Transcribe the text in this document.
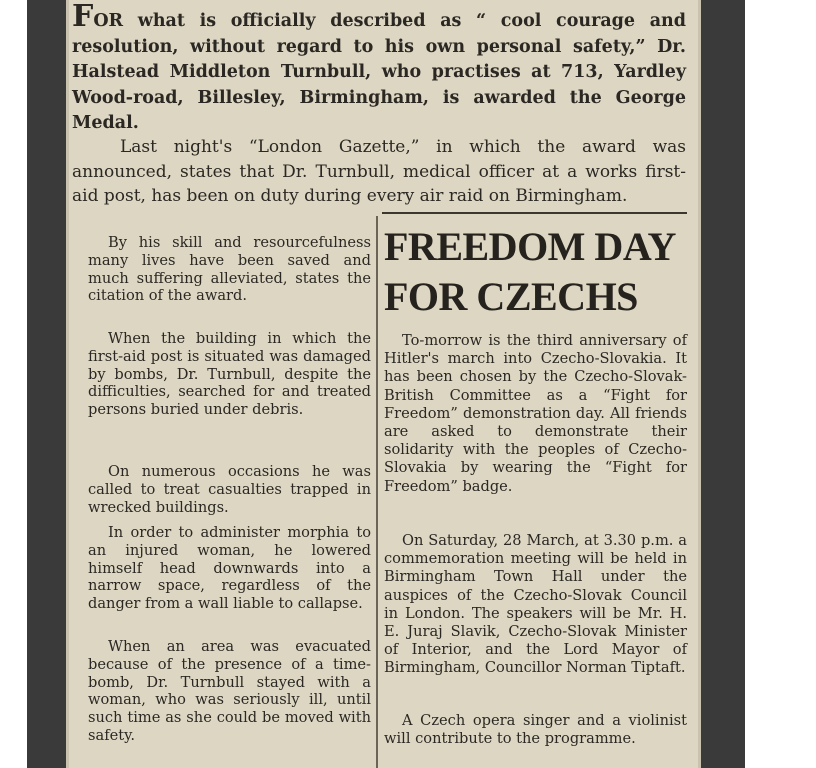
FOR what is officially described as “ cool courage and resolution, without regard to his own personal safety,” Dr. Halstead Middleton Turnbull, who practises at 713, Yardley Wood-road, Billesley, Birmingham, is awarded the George Medal.

Last night's “London Gazette,” in which the award was announced, states that Dr. Turnbull, medical officer at a works first-aid post, has been on duty during every air raid on Birmingham.

By his skill and resourcefulness many lives have been saved and much suffering alleviated, states the citation of the award.

When the building in which the first-aid post is situated was damaged by bombs, Dr. Turnbull, despite the difficulties, searched for and treated persons buried under debris.

On numerous occasions he was called to treat casualties trapped in wrecked buildings.

In order to administer morphia to an injured woman, he lowered himself head downwards into a narrow space, regardless of the danger from a wall liable to callapse.

When an area was evacuated because of the presence of a time-bomb, Dr. Turnbull stayed with a woman, who was seriously ill, until such time as she could be moved with safety.

FREEDOM DAY FOR CZECHS

To-morrow is the third anniversary of Hitler's march into Czecho-Slovakia. It has been chosen by the Czecho-Slovak-British Committee as a “Fight for Freedom” demonstration day. All friends are asked to demonstrate their solidarity with the peoples of Czecho-Slovakia by wearing the “Fight for Freedom” badge.

On Saturday, 28 March, at 3.30 p.m. a commemoration meeting will be held in Birmingham Town Hall under the auspices of the Czecho-Slovak Council in London. The speakers will be Mr. H. E. Juraj Slavik, Czecho-Slovak Minister of Interior, and the Lord Mayor of Birmingham, Councillor Norman Tiptaft.

A Czech opera singer and a violinist will contribute to the programme.
